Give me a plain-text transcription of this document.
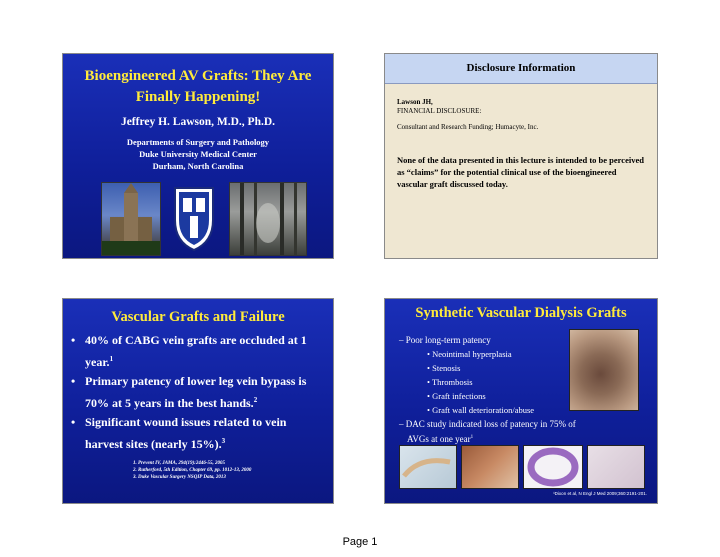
Bioengineered AV Grafts: They Are
Finally Happening!
Jeffrey H. Lawson, M.D., Ph.D.
Departments of Surgery and Pathology
Duke University Medical Center
Durham, North Carolina
Disclosure Information
Lawson JH,
FINANCIAL DISCLOSURE:
Consultant and Research Funding; Humacyte, Inc.
None of the data presented in this lecture is intended to be perceived as “claims” for the potential clinical use of the bioengineered vascular graft discussed today.
Vascular Grafts and Failure
• 40% of CABG vein grafts are occluded at 1 year.$^1$
• Primary patency of lower leg vein bypass is 70% at 5 years in the best hands.$^2$
• Significant wound issues related to vein harvest sites (nearly 15%).$^3$
1. Prevent IV, JAMA, 294(19):2446-55, 2005
2. Rutherford, 5th Edition, Chapter 69, pp. 1012-13, 2000
3. Duke Vascular Surgery NSQIP Data, 2013
Synthetic Vascular Dialysis Grafts
– Poor long-term patency
• Neointimal hyperplasia
• Stenosis
• Thrombosis
• Graft infections
• Graft wall deterioration/abuse
– DAC study indicated loss of patency in 75% of
AVGs at one year$^1$
¹Dixon et al, N Engl J Med 2009;360:2191-201.
Page 1
